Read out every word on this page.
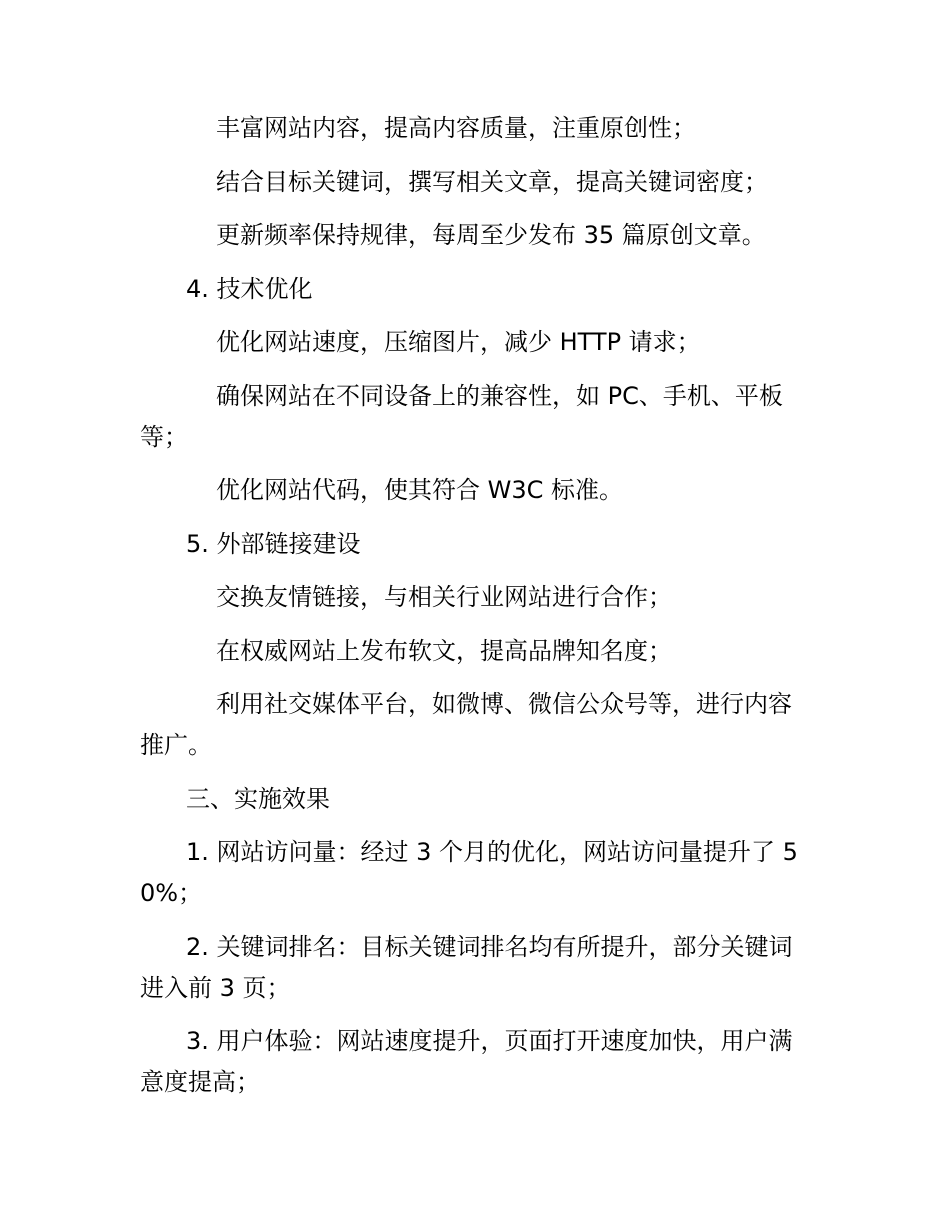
丰富网站内容，提高内容质量，注重原创性；

结合目标关键词，撰写相关文章，提高关键词密度；

更新频率保持规律，每周至少发布 35 篇原创文章。

4. 技术优化

优化网站速度，压缩图片，减少 HTTP 请求；

确保网站在不同设备上的兼容性，如 PC、手机、平板等；

优化网站代码，使其符合 W3C 标准。

5. 外部链接建设

交换友情链接，与相关行业网站进行合作；

在权威网站上发布软文，提高品牌知名度；

利用社交媒体平台，如微博、微信公众号等，进行内容推广。

三、实施效果

1. 网站访问量：经过 3 个月的优化，网站访问量提升了 50%；

2. 关键词排名：目标关键词排名均有所提升，部分关键词进入前 3 页；

3. 用户体验：网站速度提升，页面打开速度加快，用户满意度提高；
